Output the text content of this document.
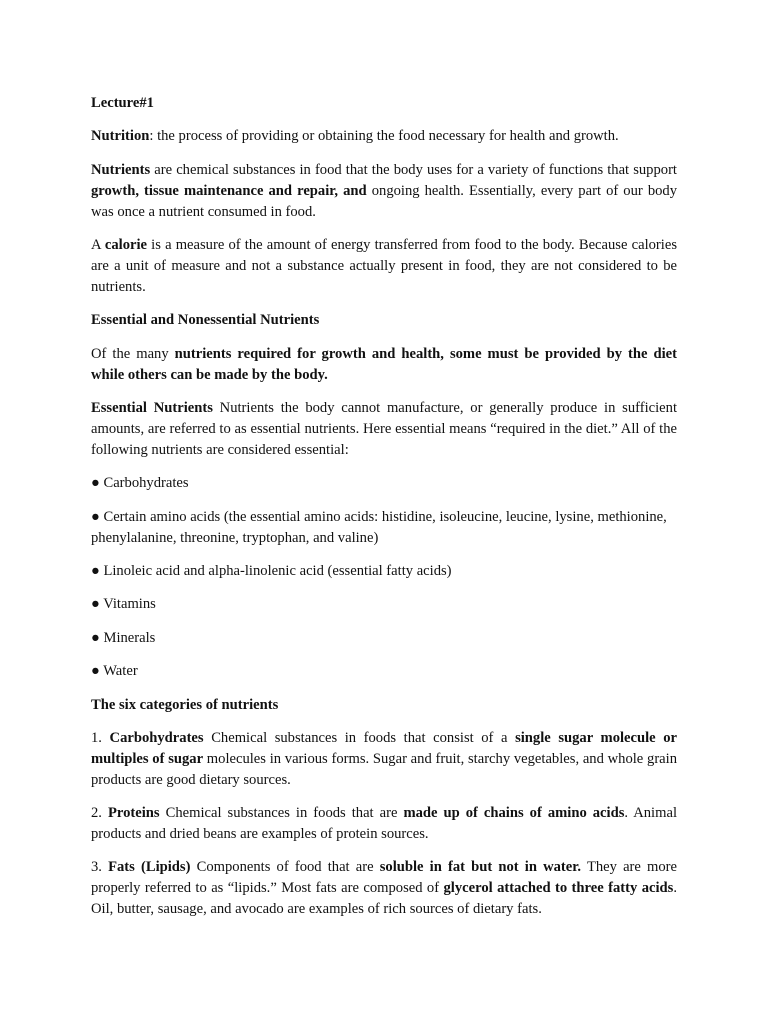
Lecture#1

Nutrition: the process of providing or obtaining the food necessary for health and growth.

Nutrients are chemical substances in food that the body uses for a variety of functions that support growth, tissue maintenance and repair, and ongoing health. Essentially, every part of our body was once a nutrient consumed in food.

A calorie is a measure of the amount of energy transferred from food to the body. Because calories are a unit of measure and not a substance actually present in food, they are not considered to be nutrients.

Essential and Nonessential Nutrients

Of the many nutrients required for growth and health, some must be provided by the diet while others can be made by the body.

Essential Nutrients Nutrients the body cannot manufacture, or generally produce in sufficient amounts, are referred to as essential nutrients. Here essential means “required in the diet.” All of the following nutrients are considered essential:

● Carbohydrates

● Certain amino acids (the essential amino acids: histidine, isoleucine, leucine, lysine, methionine, phenylalanine, threonine, tryptophan, and valine)

● Linoleic acid and alpha-linolenic acid (essential fatty acids)

● Vitamins

● Minerals

● Water

The six categories of nutrients

1. Carbohydrates Chemical substances in foods that consist of a single sugar molecule or multiples of sugar molecules in various forms. Sugar and fruit, starchy vegetables, and whole grain products are good dietary sources.

2. Proteins Chemical substances in foods that are made up of chains of amino acids. Animal products and dried beans are examples of protein sources.

3. Fats (Lipids) Components of food that are soluble in fat but not in water. They are more properly referred to as “lipids.” Most fats are composed of glycerol attached to three fatty acids. Oil, butter, sausage, and avocado are examples of rich sources of dietary fats.
